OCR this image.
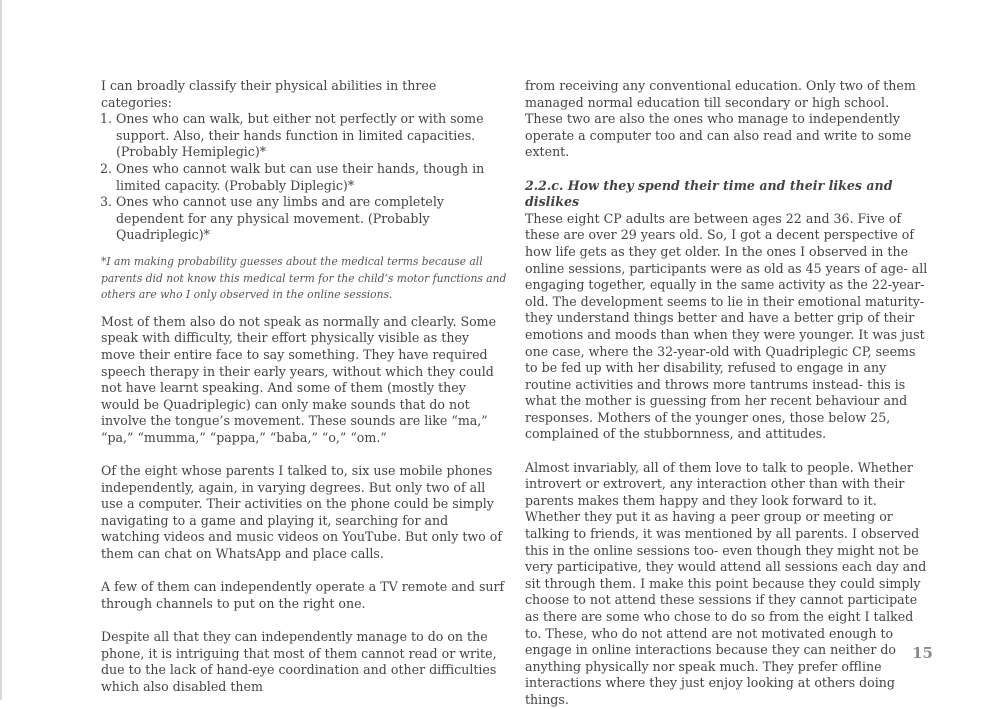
I can broadly classify their physical abilities in three categories:

1. Ones who can walk, but either not perfectly or with some support. Also, their hands function in limited capacities. (Probably Hemiplegic)*
2. Ones who cannot walk but can use their hands, though in limited capacity. (Probably Diplegic)*
3. Ones who cannot use any limbs and are completely dependent for any physical movement. (Probably Quadriplegic)*

*I am making probability guesses about the medical terms because all parents did not know this medical term for the child’s motor functions and others are who I only observed in the online sessions.

Most of them also do not speak as normally and clearly. Some speak with difficulty, their effort physically visible as they move their entire face to say something. They have required speech therapy in their early years, without which they could not have learnt speaking. And some of them (mostly they would be Quadriplegic) can only make sounds that do not involve the tongue’s movement. These sounds are like “ma,” “pa,” “mumma,” “pappa,” “baba,” “o,” “om.”

Of the eight whose parents I talked to, six use mobile phones independently, again, in varying degrees. But only two of all use a computer. Their activities on the phone could be simply navigating to a game and playing it, searching for and watching videos and music videos on YouTube. But only two of them can chat on WhatsApp and place calls.

A few of them can independently operate a TV remote and surf through channels to put on the right one.

Despite all that they can independently manage to do on the phone, it is intriguing that most of them cannot read or write, due to the lack of hand-eye coordination and other difficulties which also disabled them

from receiving any conventional education. Only two of them managed normal education till secondary or high school. These two are also the ones who manage to independently operate a computer too and can also read and write to some extent.

2.2.c. How they spend their time and their likes and dislikes

These eight CP adults are between ages 22 and 36. Five of these are over 29 years old. So, I got a decent perspective of how life gets as they get older. In the ones I observed in the online sessions, participants were as old as 45 years of age- all engaging together, equally in the same activity as the 22-year-old. The development seems to lie in their emotional maturity- they understand things better and have a better grip of their emotions and moods than when they were younger. It was just one case, where the 32-year-old with Quadriplegic CP, seems to be fed up with her disability, refused to engage in any routine activities and throws more tantrums instead- this is what the mother is guessing from her recent behaviour and responses. Mothers of the younger ones, those below 25, complained of the stubbornness, and attitudes.

Almost invariably, all of them love to talk to people. Whether introvert or extrovert, any interaction other than with their parents makes them happy and they look forward to it. Whether they put it as having a peer group or meeting or talking to friends, it was mentioned by all parents. I observed this in the online sessions too- even though they might not be very participative, they would attend all sessions each day and sit through them. I make this point because they could simply choose to not attend these sessions if they cannot participate as there are some who chose to do so from the eight I talked to. These, who do not attend are not motivated enough to engage in online interactions because they can neither do anything physically nor speak much. They prefer offline interactions where they just enjoy looking at others doing things.

15
